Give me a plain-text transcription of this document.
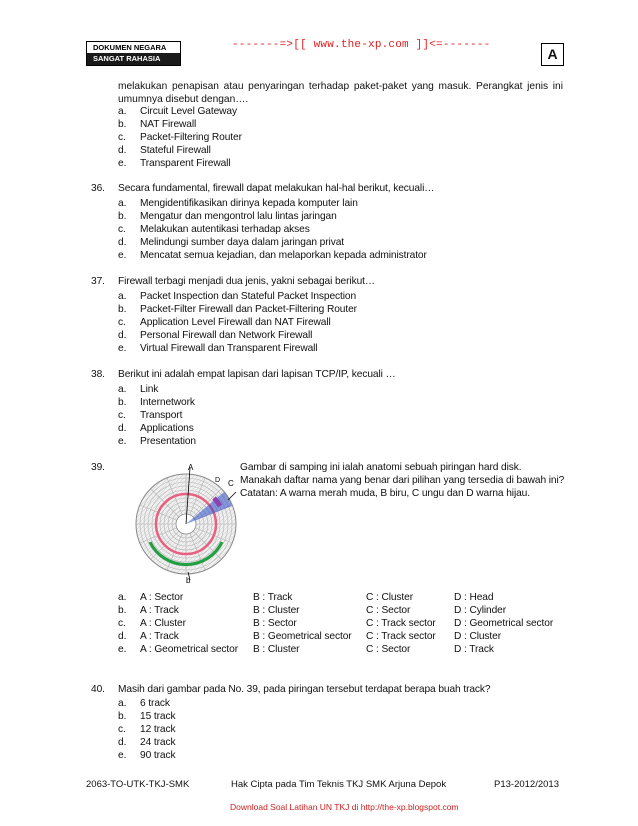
DOKUMEN NEGARA
SANGAT RAHASIA
-------=>[[ www.the-xp.com ]]<=-------
A
melakukan penapisan atau penyaringan terhadap paket-paket yang masuk. Perangkat jenis ini umumnya disebut dengan….
a. Circuit Level Gateway
b. NAT Firewall
c. Packet-Filtering Router
d. Stateful Firewall
e. Transparent Firewall
36. Secara fundamental, firewall dapat melakukan hal-hal berikut, kecuali…
a. Mengidentifikasikan dirinya kepada komputer lain
b. Mengatur dan mengontrol lalu lintas jaringan
c. Melakukan autentikasi terhadap akses
d. Melindungi sumber daya dalam jaringan privat
e. Mencatat semua kejadian, dan melaporkan kepada administrator
37. Firewall terbagi menjadi dua jenis, yakni sebagai berikut…
a. Packet Inspection dan Stateful Packet Inspection
b. Packet-Filter Firewall dan Packet-Filtering Router
c. Application Level Firewall dan NAT Firewall
d. Personal Firewall dan Network Firewall
e. Virtual Firewall dan Transparent Firewall
38. Berikut ini adalah empat lapisan dari lapisan TCP/IP, kecuali …
a. Link
b. Internetwork
c. Transport
d. Applications
e. Presentation
39.	Gambar di samping ini ialah anatomi sebuah piringan hard disk.
Manakah daftar nama yang benar dari pilihan yang tersedia di bawah ini?
Catatan: A warna merah muda, B biru, C ungu dan D warna hijau.
A
C
D
b
a. A : Sector	B : Track	C : Cluster	D : Head
b. A : Track	B : Cluster	C : Sector	D : Cylinder
c. A : Cluster	B : Sector	C : Track sector D : Geometrical sector
d. A : Track	B : Geometrical sector C : Track sector D : Cluster
e. A : Geometrical sector B : Cluster	C : Sector	D : Track
40. Masih dari gambar pada No. 39, pada piringan tersebut terdapat berapa buah track?
a. 6 track
b. 15 track
c. 12 track
d. 24 track
e. 90 track
2063-TO-UTK-TKJ-SMK	Hak Cipta pada Tim Teknis TKJ SMK Arjuna Depok	P13-2012/2013
Download Soal Latihan UN TKJ di http://the-xp.blogspot.com
